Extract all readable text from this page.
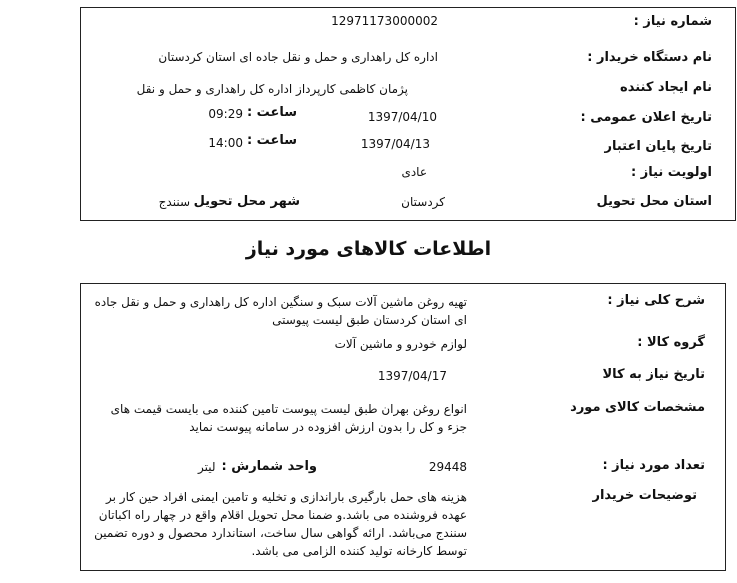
شماره نیاز :
12971173000002
نام دستگاه خریدار :
اداره کل راهداری و حمل و نقل جاده ای استان کردستان
نام ایجاد کننده
پژمان کاظمی کارپرداز اداره کل راهداری و حمل و نقل
تاریخ اعلان عمومی :
1397/04/10
ساعت :
09:29
تاریخ پایان اعتبار
1397/04/13
ساعت :
14:00
اولویت نیاز :
عادی
استان محل تحویل
کردستان
شهر محل تحویل
سنندج
اطلاعات کالاهای مورد نیاز
شرح کلی نیاز :
تهیه روغن ماشین آلات سبک و سنگین اداره کل راهداری و حمل و نقل جاده ای استان کردستان طبق لیست پیوستی
گروه کالا :
لوازم خودرو و ماشین آلات
تاریخ نیاز به کالا
1397/04/17
مشخصات کالای مورد
انواع روغن بهران طبق لیست پیوست تامین کننده می بایست قیمت های جزء و کل را بدون ارزش افزوده در سامانه پیوست نماید
تعداد مورد نیاز :
29448
واحد شمارش :
لیتر
توضیحات خریدار
هزینه های حمل بارگیری باراندازی و تخلیه و تامین ایمنی افراد حین کار بر عهده فروشنده می باشد.و ضمنا محل تحویل اقلام واقع در چهار راه اکباتان سنندج می‌باشد. ارائه گواهی سال ساخت، استاندارد محصول و دوره تضمین توسط کارخانه تولید کننده الزامی می باشد.
